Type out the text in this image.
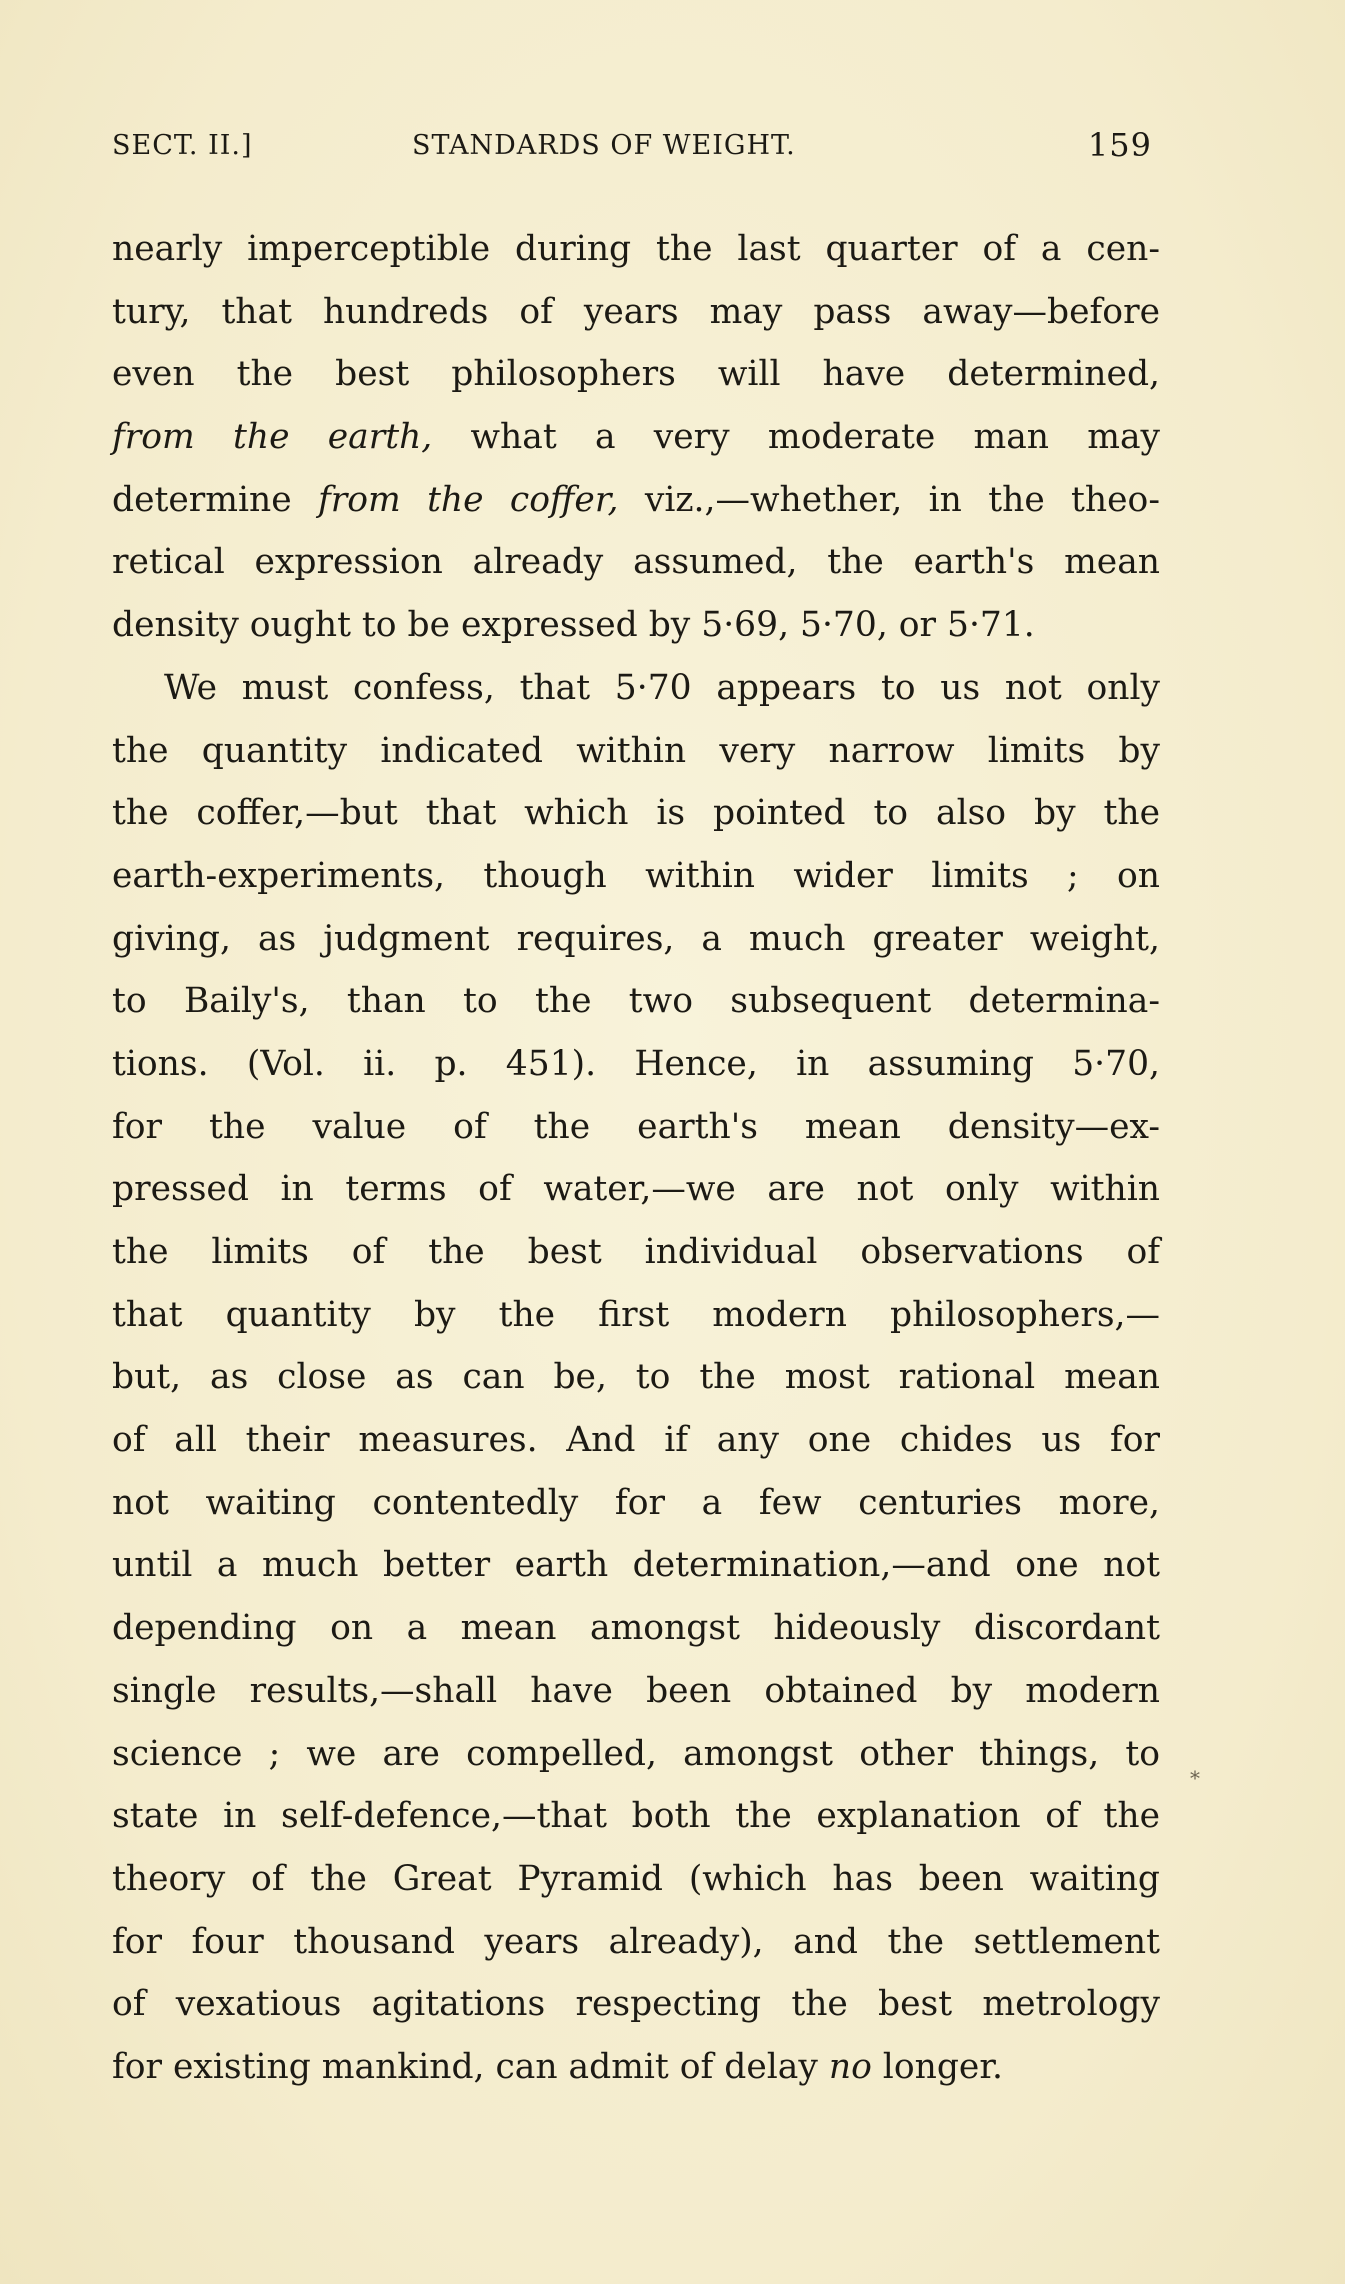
SECT. II.]	STANDARDS OF WEIGHT.	159
nearly imperceptible during the last quarter of a cen-
tury, that hundreds of years may pass away—before
even the best philosophers will have determined,
from the earth, what a very moderate man may
determine from the coffer, viz.,—whether, in the theo-
retical expression already assumed, the earth's mean
density ought to be expressed by 5·69, 5·70, or 5·71.
We must confess, that 5·70 appears to us not only
the quantity indicated within very narrow limits by
the coffer,—but that which is pointed to also by the
earth-experiments, though within wider limits ; on
giving, as judgment requires, a much greater weight,
to Baily's, than to the two subsequent determina-
tions. (Vol. ii. p. 451). Hence, in assuming 5·70,
for the value of the earth's mean density—ex-
pressed in terms of water,—we are not only within
the limits of the best individual observations of
that quantity by the first modern philosophers,—
but, as close as can be, to the most rational mean
of all their measures. And if any one chides us for
not waiting contentedly for a few centuries more,
until a much better earth determination,—and one not
depending on a mean amongst hideously discordant
single results,—shall have been obtained by modern
science ; we are compelled, amongst other things, to
state in self-defence,—that both the explanation of the
theory of the Great Pyramid (which has been waiting
for four thousand years already), and the settlement
of vexatious agitations respecting the best metrology
for existing mankind, can admit of delay no longer.
⁎
